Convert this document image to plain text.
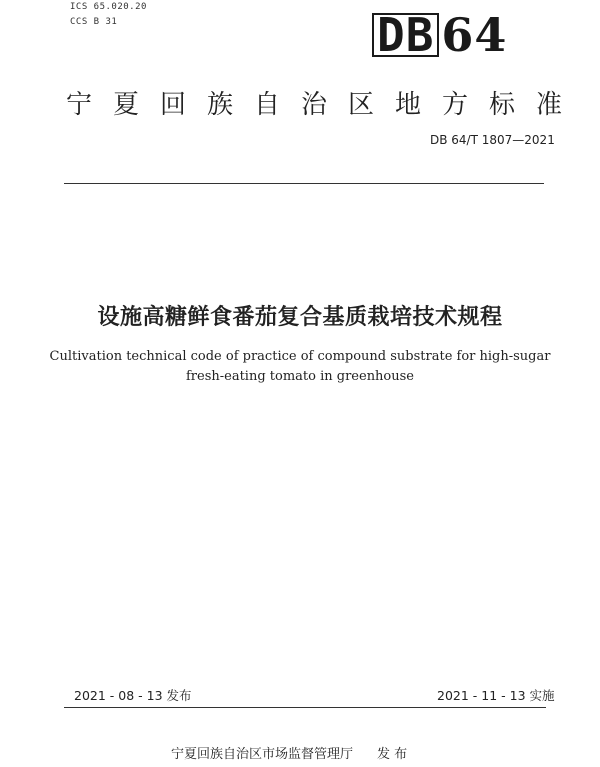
ICS 65.020.20
CCS B 31	DB 64
宁夏回族自治区地方标准
DB 64/T 1807—2021
设施高糖鲜食番茄复合基质栽培技术规程
Cultivation technical code of practice of compound substrate for high-sugar
fresh-eating tomato in greenhouse
2021 - 08 - 13 发布	2021 - 11 - 13 实施
宁夏回族自治区市场监督管理厅 发 布
